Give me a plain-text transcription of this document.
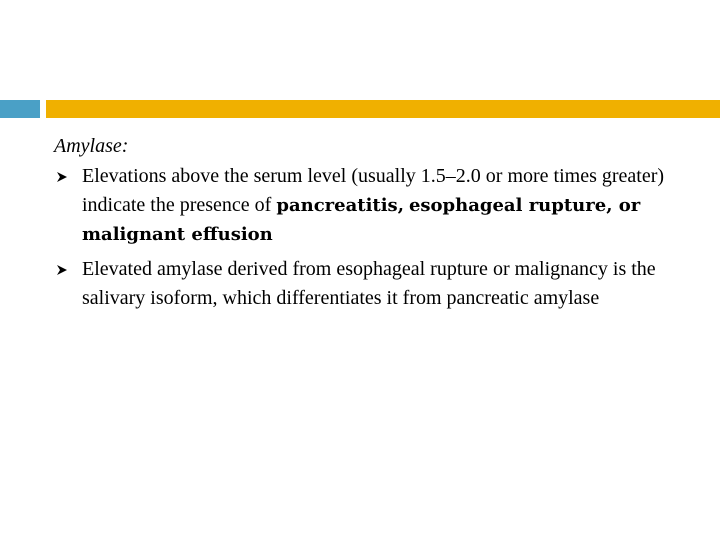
Amylase:
Elevations above the serum level (usually 1.5–2.0 or more times greater) indicate the presence of pancreatitis, esophageal rupture, or malignant effusion
Elevated amylase derived from esophageal rupture or malignancy is the salivary isoform, which differentiates it from pancreatic amylase
